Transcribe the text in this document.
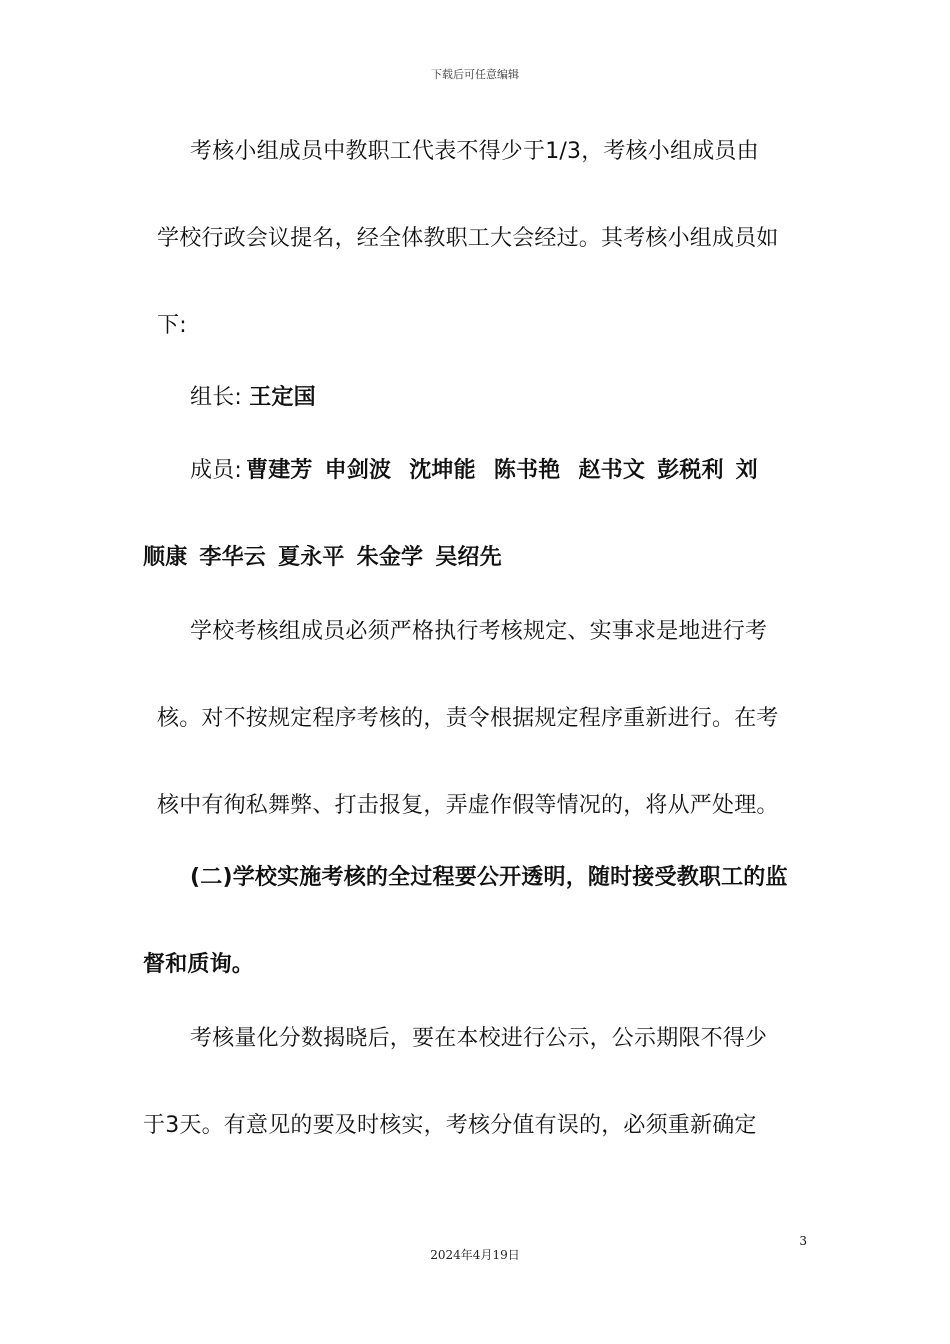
下载后可任意编辑
考核小组成员中教职工代表不得少于1/3，考核小组成员由
学校行政会议提名，经全体教职工大会经过。其考核小组成员如
下:
组长: 王定国
成员: 曹建芳 申剑波 沈坤能 陈书艳 赵书文 彭税利 刘
顺康 李华云 夏永平 朱金学 吴绍先
学校考核组成员必须严格执行考核规定、实事求是地进行考
核。对不按规定程序考核的，责令根据规定程序重新进行。在考
核中有徇私舞弊、打击报复，弄虚作假等情况的，将从严处理。
(二)学校实施考核的全过程要公开透明，随时接受教职工的监
督和质询。
考核量化分数揭晓后，要在本校进行公示，公示期限不得少
于3天。有意见的要及时核实，考核分值有误的，必须重新确定
3
2024年4月19日
